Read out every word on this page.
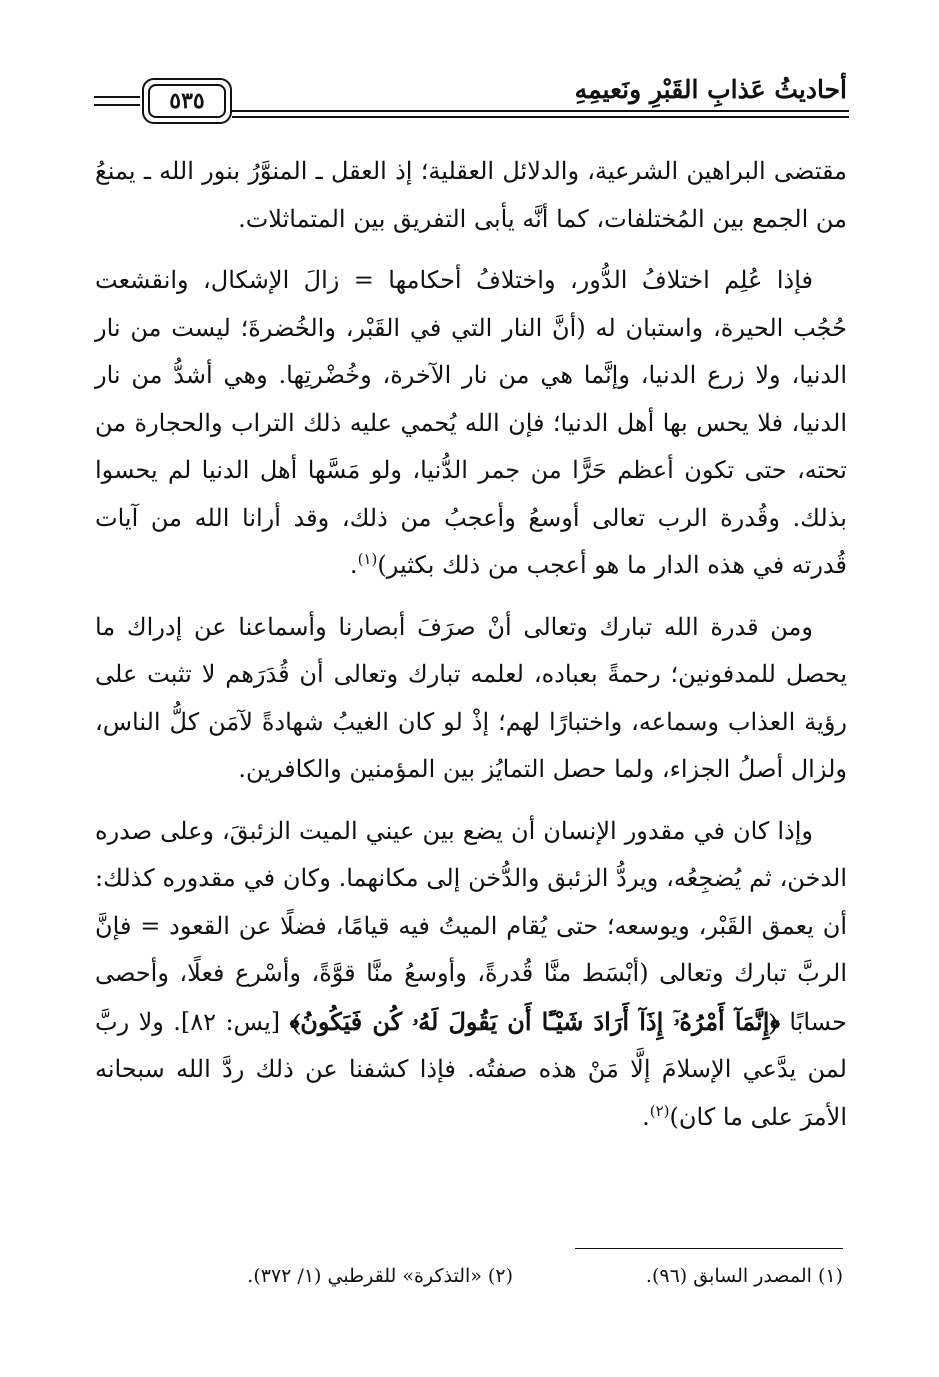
أحاديثُ عَذابِ القَبْرِ ونَعيمِهِ
٥٣٥

مقتضى البراهين الشرعية، والدلائل العقلية؛ إذ العقل ـ المنوَّرُ بنور الله ـ يمنعُ من الجمع بين المُختلفات، كما أنَّه يأبى التفريق بين المتماثلات.

فإذا عُلِم اختلافُ الدُّور، واختلافُ أحكامها = زالَ الإشكال، وانقشعت حُجُب الحيرة، واستبان له (أنَّ النار التي في القَبْر، والخُضرةَ؛ ليست من نار الدنيا، ولا زرع الدنيا، وإنَّما هي من نار الآخرة، وخُضْرتِها. وهي أشدُّ من نار الدنيا، فلا يحس بها أهل الدنيا؛ فإن الله يُحمي عليه ذلك التراب والحجارة من تحته، حتى تكون أعظم حَرًّا من جمر الدُّنيا، ولو مَسَّها أهل الدنيا لم يحسوا بذلك. وقُدرة الرب تعالى أوسعُ وأعجبُ من ذلك، وقد أرانا الله من آيات قُدرته في هذه الدار ما هو أعجب من ذلك بكثير)$^{(١)}$.

ومن قدرة الله تبارك وتعالى أنْ صرَفَ أبصارنا وأسماعنا عن إدراك ما يحصل للمدفونين؛ رحمةً بعباده، لعلمه تبارك وتعالى أن قُدَرَهم لا تثبت على رؤية العذاب وسماعه، واختبارًا لهم؛ إذْ لو كان الغيبُ شهادةً لآمَن كلُّ الناس، ولزال أصلُ الجزاء، ولما حصل التمايُز بين المؤمنين والكافرين.

وإذا كان في مقدور الإنسان أن يضع بين عيني الميت الزئبقَ، وعلى صدره الدخن، ثم يُضجِعُه، ويردُّ الزئبق والدُّخن إلى مكانهما. وكان في مقدوره كذلك: أن يعمق القَبْر، ويوسعه؛ حتى يُقام الميتُ فيه قيامًا، فضلًا عن القعود = فإنَّ الربَّ تبارك وتعالى (أبْسَط منَّا قُدرةً، وأوسعُ منَّا قوَّةً، وأسْرع فعلًا، وأحصى حسابًا ﴿إِنَّمَآ أَمْرُهُۥٓ إِذَآ أَرَادَ شَيْـًٔا أَن يَقُولَ لَهُۥ كُن فَيَكُونُ﴾ [يس: ٨٢]. ولا ربَّ لمن يدَّعي الإسلامَ إلَّا مَنْ هذه صفتُه. فإذا كشفنا عن ذلك ردَّ الله سبحانه الأمرَ على ما كان)$^{(٢)}$.

(١) المصدر السابق (٩٦).
(٢) «التذكرة» للقرطبي (١/ ٣٧٢).
